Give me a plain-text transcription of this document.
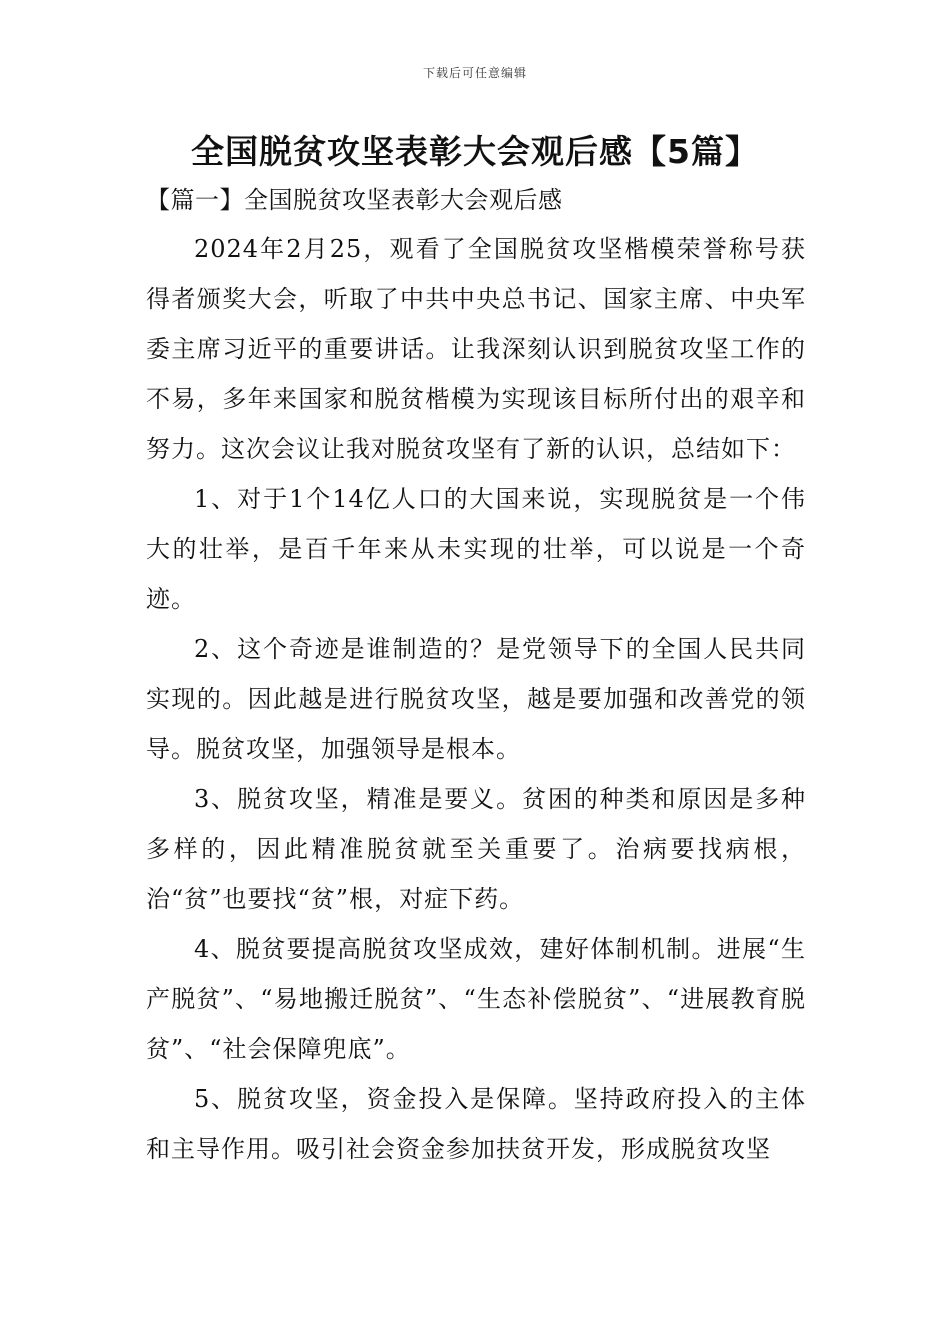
下载后可任意编辑
全国脱贫攻坚表彰大会观后感【5篇】

【篇一】全国脱贫攻坚表彰大会观后感

2024年2月25，观看了全国脱贫攻坚楷模荣誉称号获得者颁奖大会，听取了中共中央总书记、国家主席、中央军委主席习近平的重要讲话。让我深刻认识到脱贫攻坚工作的不易，多年来国家和脱贫楷模为实现该目标所付出的艰辛和努力。这次会议让我对脱贫攻坚有了新的认识，总结如下：

1、对于1个14亿人口的大国来说，实现脱贫是一个伟大的壮举，是百千年来从未实现的壮举，可以说是一个奇迹。

2、这个奇迹是谁制造的？是党领导下的全国人民共同实现的。因此越是进行脱贫攻坚，越是要加强和改善党的领导。脱贫攻坚，加强领导是根本。

3、脱贫攻坚，精准是要义。贫困的种类和原因是多种多样的，因此精准脱贫就至关重要了。治病要找病根，治“贫”也要找“贫”根，对症下药。

4、脱贫要提高脱贫攻坚成效，建好体制机制。进展“生产脱贫”、“易地搬迁脱贫”、“生态补偿脱贫”、“进展教育脱贫”、“社会保障兜底”。

5、脱贫攻坚，资金投入是保障。坚持政府投入的主体和主导作用。吸引社会资金参加扶贫开发，形成脱贫攻坚
